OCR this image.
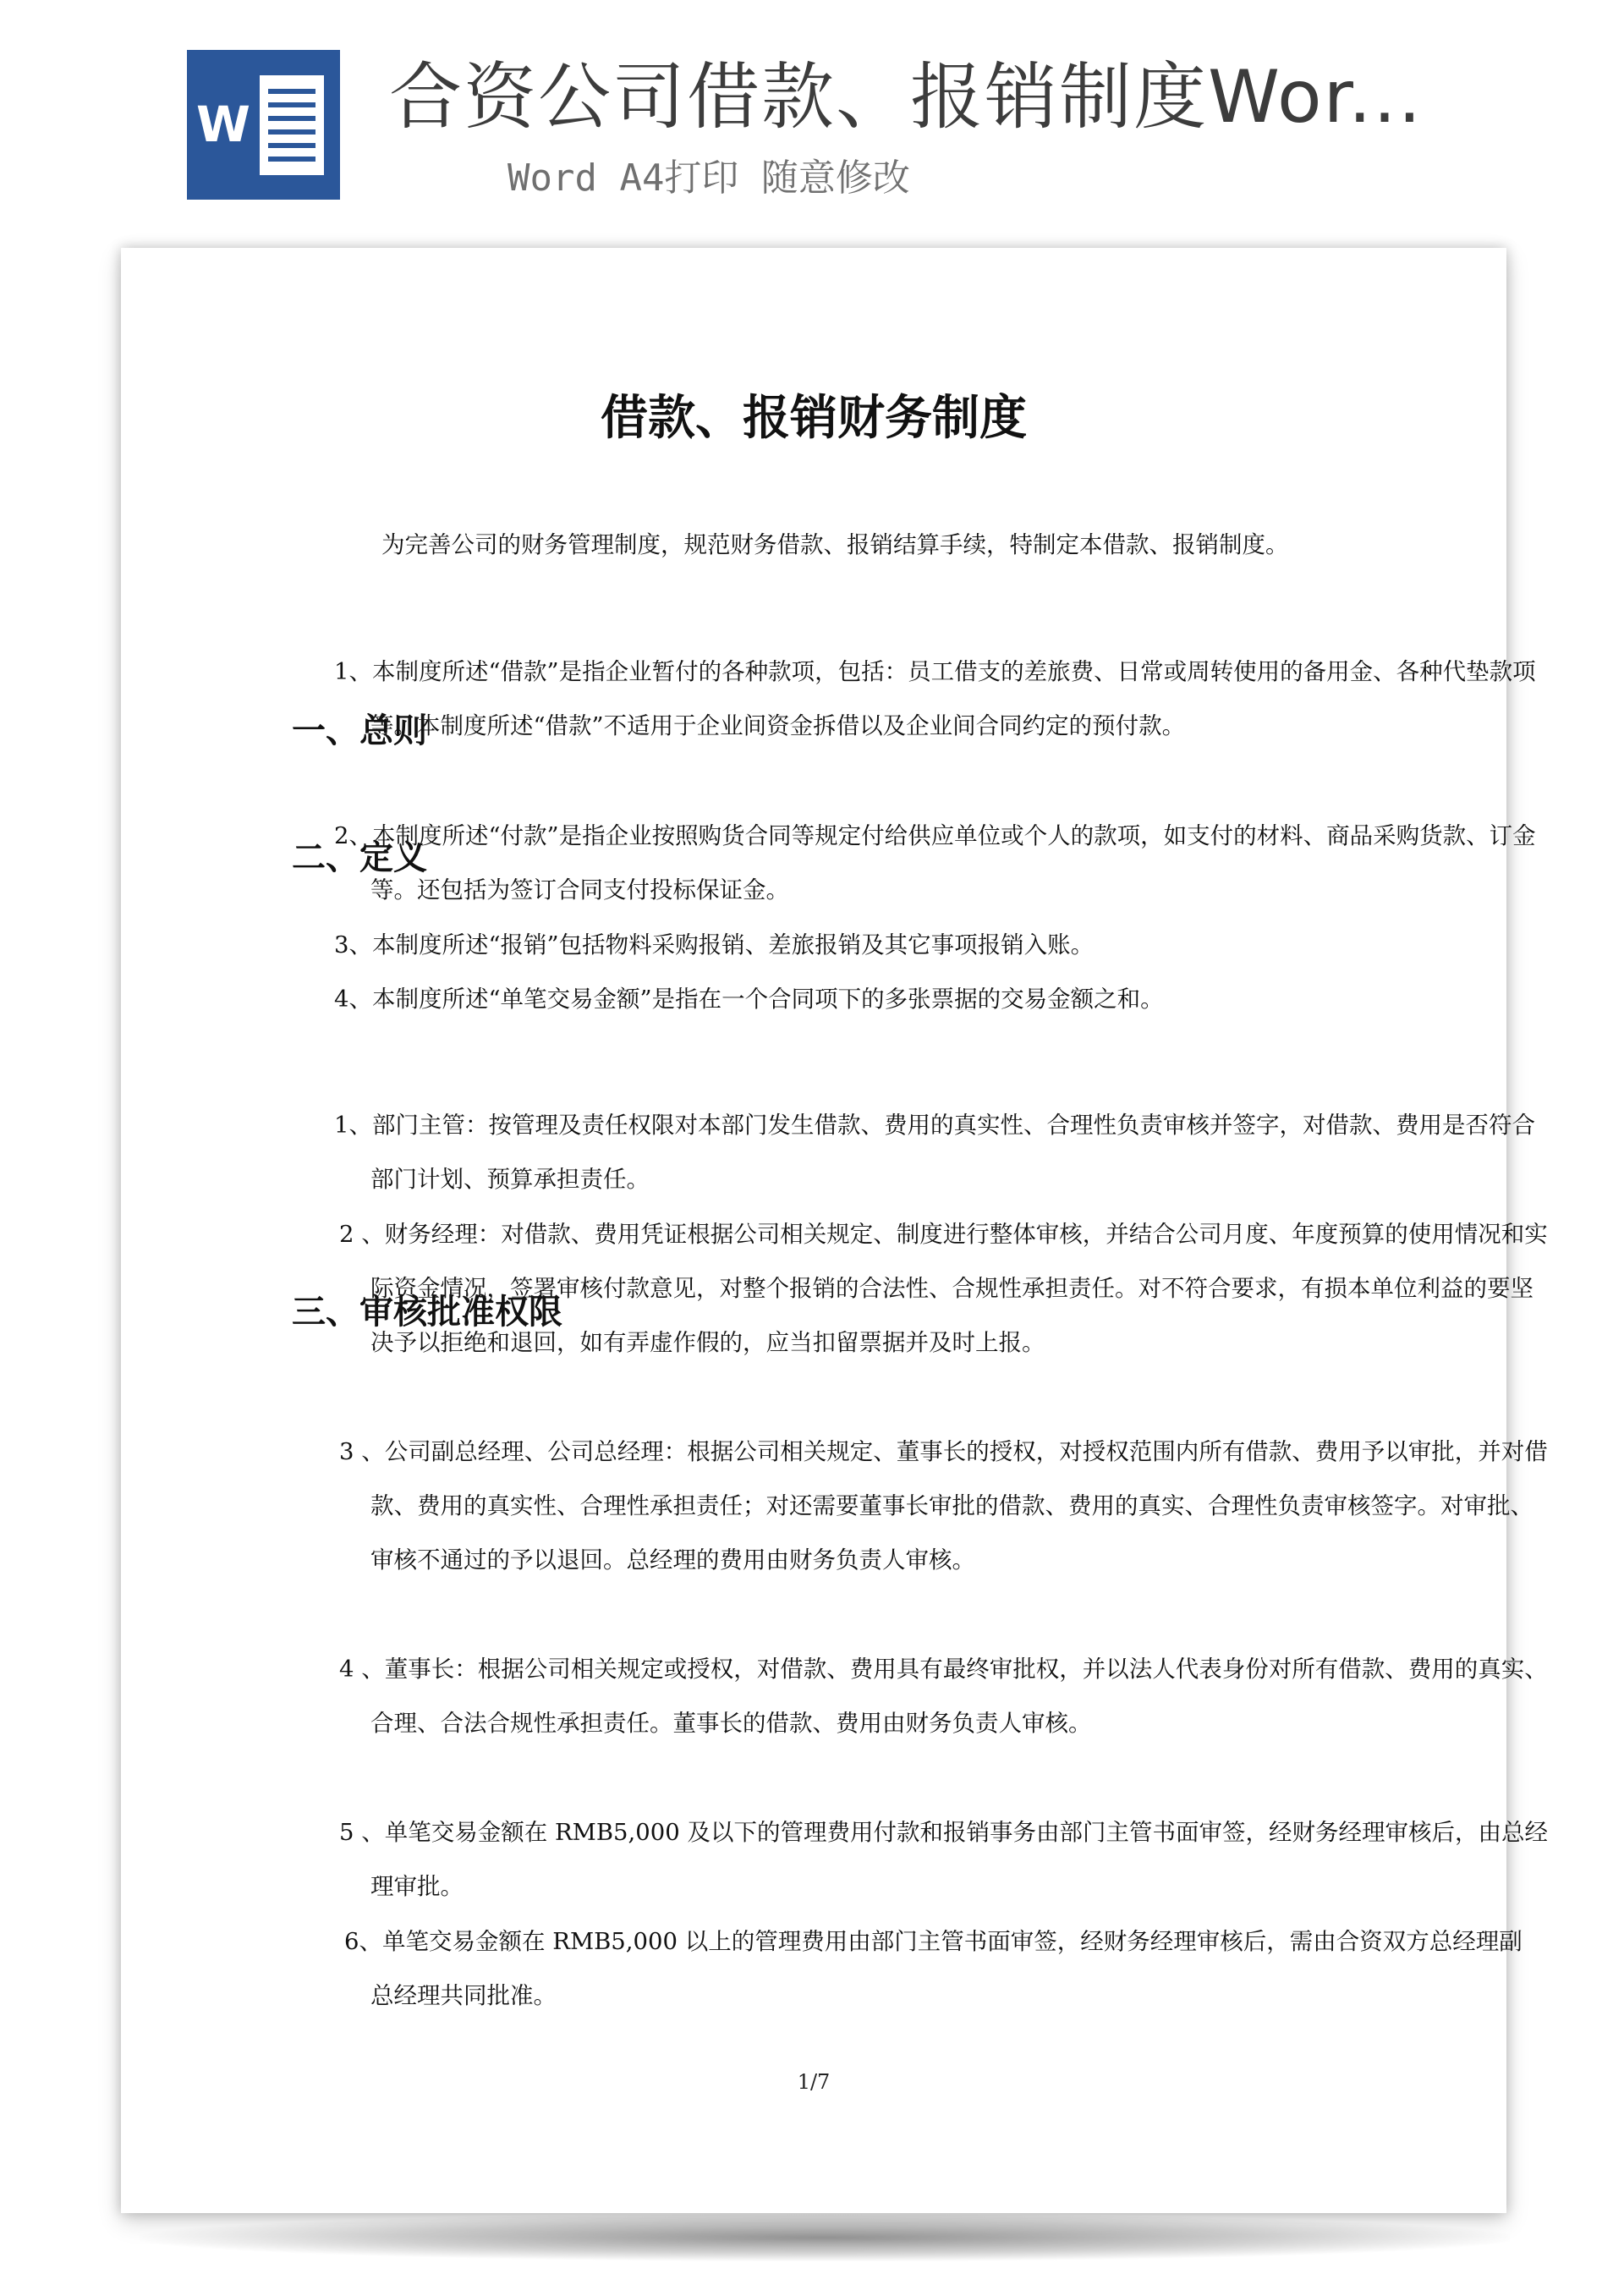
W 合资公司借款、报销制度Wor...
Word A4打印 随意修改
借款、报销财务制度
一、总则
为完善公司的财务管理制度，规范财务借款、报销结算手续，特制定本借款、报销制度。
二、定义
1、本制度所述“借款”是指企业暂付的各种款项，包括：员工借支的差旅费、日常或周转使用的备用金、各种代垫款项等。本制度所述“借款”不适用于企业间资金拆借以及企业间合同约定的预付款。
2、本制度所述“付款”是指企业按照购货合同等规定付给供应单位或个人的款项，如支付的材料、商品采购货款、订金等。还包括为签订合同支付投标保证金。
3、本制度所述“报销”包括物料采购报销、差旅报销及其它事项报销入账。
4、本制度所述“单笔交易金额”是指在一个合同项下的多张票据的交易金额之和。
三、审核批准权限
1、部门主管：按管理及责任权限对本部门发生借款、费用的真实性、合理性负责审核并签字，对借款、费用是否符合部门计划、预算承担责任。
2 、财务经理：对借款、费用凭证根据公司相关规定、制度进行整体审核，并结合公司月度、年度预算的使用情况和实际资金情况，签署审核付款意见，对整个报销的合法性、合规性承担责任。对不符合要求，有损本单位利益的要坚决予以拒绝和退回，如有弄虚作假的，应当扣留票据并及时上报。
3 、公司副总经理、公司总经理：根据公司相关规定、董事长的授权，对授权范围内所有借款、费用予以审批，并对借款、费用的真实性、合理性承担责任；对还需要董事长审批的借款、费用的真实、合理性负责审核签字。对审批、审核不通过的予以退回。总经理的费用由财务负责人审核。
4 、董事长：根据公司相关规定或授权，对借款、费用具有最终审批权，并以法人代表身份对所有借款、费用的真实、合理、合法合规性承担责任。董事长的借款、费用由财务负责人审核。
5 、单笔交易金额在 RMB5,000 及以下的管理费用付款和报销事务由部门主管书面审签，经财务经理审核后，由总经理审批。
6、单笔交易金额在 RMB5,000 以上的管理费用由部门主管书面审签，经财务经理审核后，需由合资双方总经理副总经理共同批准。
1/7
